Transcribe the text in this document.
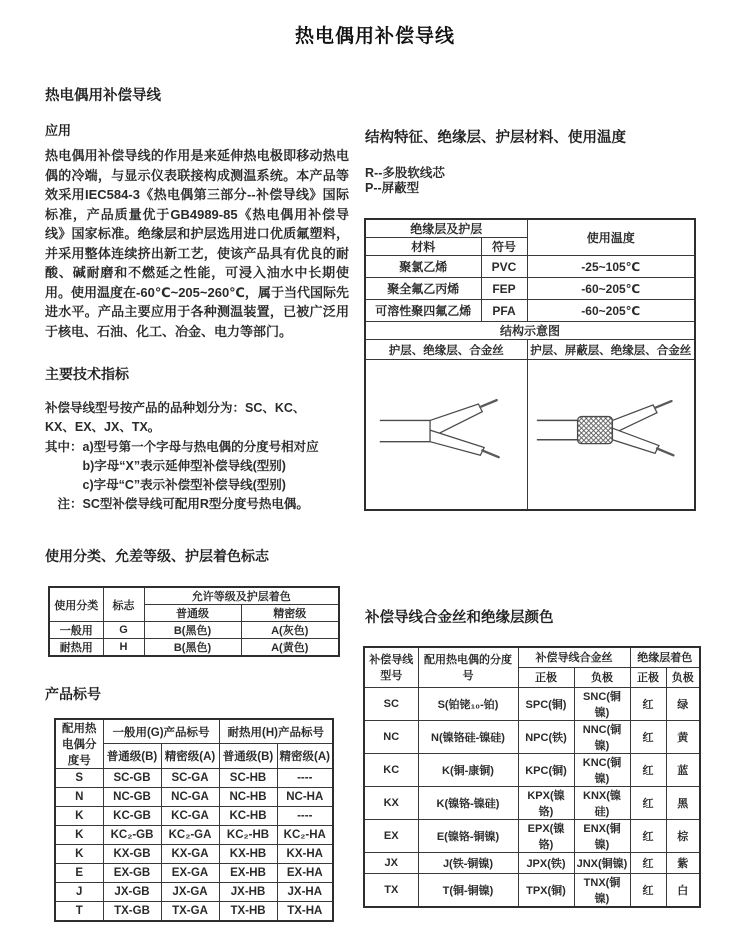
热电偶用补偿导线
热电偶用补偿导线
应用

热电偶用补偿导线的作用是来延伸热电极即移动热电偶的冷端，与显示仪表联接构成测温系统。本产品等效采用IEC584-3《热电偶第三部分--补偿导线》国际标准，产品质量优于GB4989-85《热电偶用补偿导线》国家标准。绝缘层和护层选用进口优质氟塑料，并采用整体连续挤出新工艺，使该产品具有优良的耐酸、碱耐磨和不燃延之性能，可浸入油水中长期使用。使用温度在-60℃~205~260℃，属于当代国际先进水平。产品主要应用于各种测温装置，已被广泛用于核电、石油、化工、冶金、电力等部门。

主要技术指标
补偿导线型号按产品的品种划分为：SC、KC、
KX、EX、JX、TX。
其中：a)型号第一个字母与热电偶的分度号相对应
　　　b)字母“X”表示延伸型补偿导线(型别)
　　　c)字母“C”表示补偿型补偿导线(型别)
　注：SC型补偿导线可配用R型分度号热电偶。
使用分类、允差等级、护层着色标志
使用分类	标志	允许等级及护层着色	
		普通级	精密级
一般用	G	B(黑色)	A(灰色)
耐热用	H	B(黑色)	A(黄色)
产品标号
配用热电偶分度号	一般用(G)产品标号		耐热用(H)产品标号	
	普通级(B)	精密级(A)	普通级(B)	精密级(A)
S	SC-GB	SC-GA	SC-HB	----
N	NC-GB	NC-GA	NC-HB	NC-HA
K	KC-GB	KC-GA	KC-HB	----
K	KC₂-GB	KC₂-GA	KC₂-HB	KC₂-HA
K	KX-GB	KX-GA	KX-HB	KX-HA
E	EX-GB	EX-GA	EX-HB	EX-HA
J	JX-GB	JX-GA	JX-HB	JX-HA
T	TX-GB	TX-GA	TX-HB	TX-HA
结构特征、绝缘层、护层材料、使用温度
R--多股软线芯
P--屏蔽型
绝缘层及护层		使用温度
材料	符号	
聚氯乙烯	PVC	-25~105℃
聚全氟乙丙烯	FEP	-60~205℃
可溶性聚四氟乙烯	PFA	-60~205℃
结构示意图		
护层、绝缘层、合金丝		护层、屏蔽层、绝缘层、合金丝

补偿导线合金丝和绝缘层颜色
补偿导线型号	配用热电偶的分度号	补偿导线合金丝		绝缘层着色	
		正极	负极	正极	负极
SC	S(铂铑₁₀-铂)	SPC(铜)	SNC(铜镍)	红	绿
NC	N(镍铬硅-镍硅)	NPC(铁)	NNC(铜镍)	红	黄
KC	K(铜-康铜)	KPC(铜)	KNC(铜镍)	红	蓝
KX	K(镍铬-镍硅)	KPX(镍铬)	KNX(镍硅)	红	黑
EX	E(镍铬-铜镍)	EPX(镍铬)	ENX(铜镍)	红	棕
JX	J(铁-铜镍)	JPX(铁)	JNX(铜镍)	红	紫
TX	T(铜-铜镍)	TPX(铜)	TNX(铜镍)	红	白
